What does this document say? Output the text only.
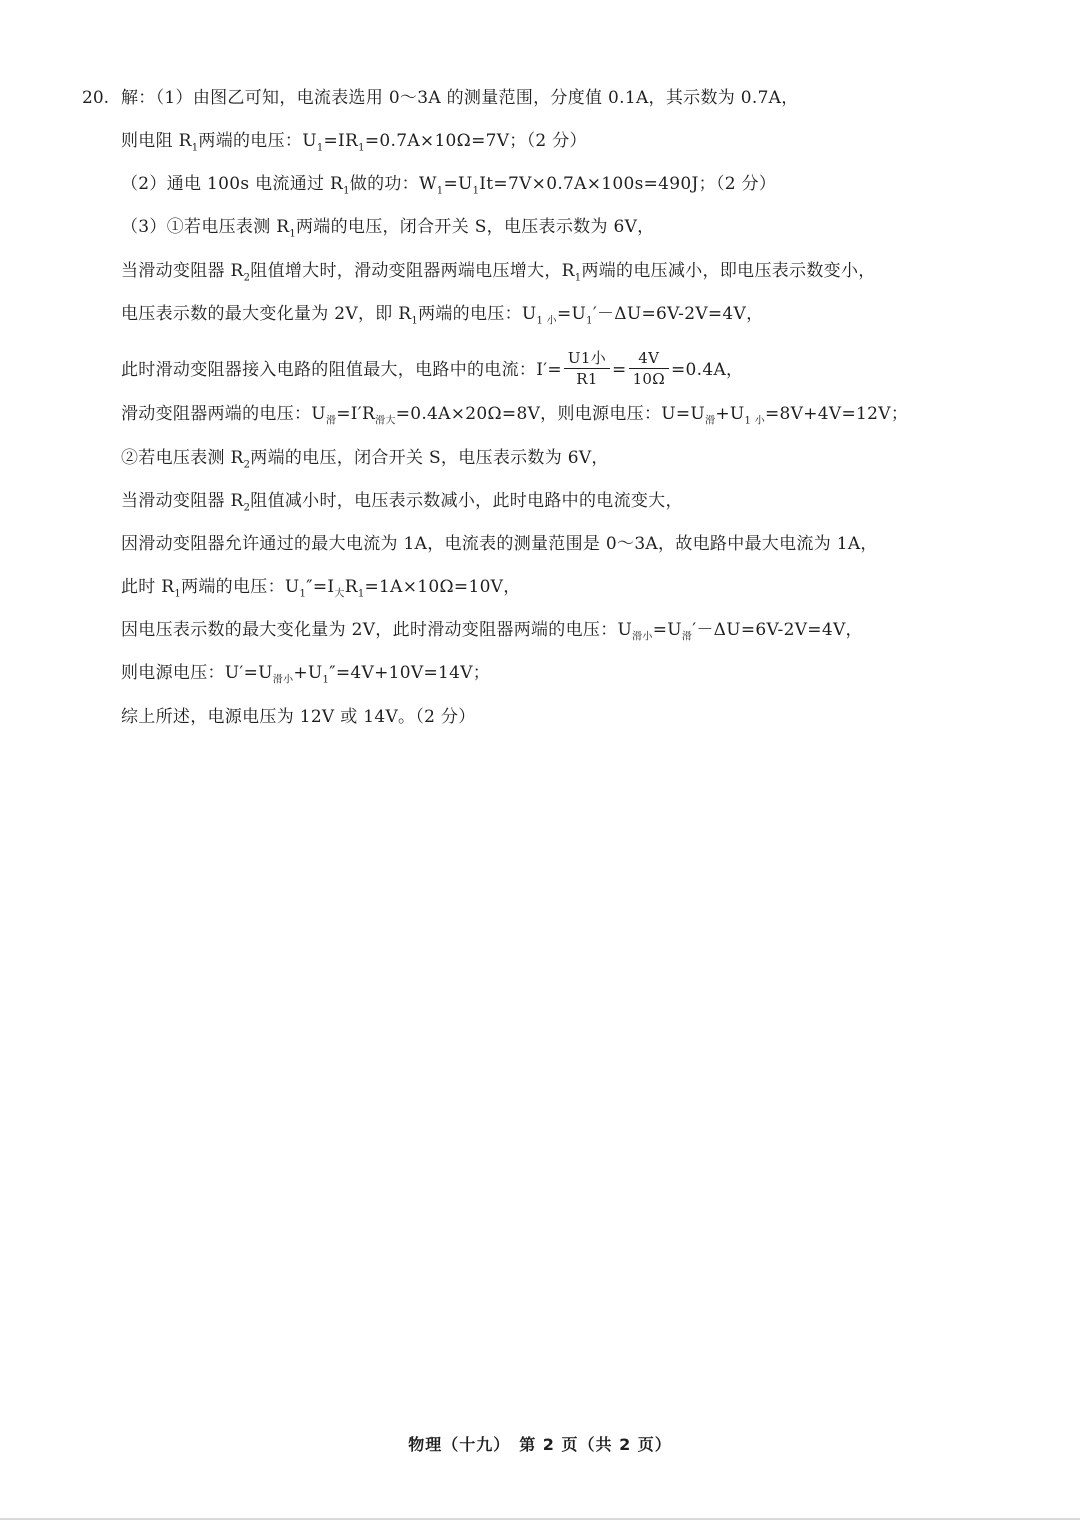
20. 解：（1）由图乙可知，电流表选用 0～3A 的测量范围，分度值 0.1A，其示数为 0.7A，
则电阻 $R_1$两端的电压：$U_1=IR_1=0.7A\times 10\Omega=7V$；（2 分）
（2）通电 100s 电流通过 $R_1$做的功：$W_1=U_1It=7V\times 0.7A\times 100s=490J$；（2 分）
（3）①若电压表测 $R_1$两端的电压，闭合开关 S，电压表示数为 6V，
当滑动变阻器 $R_2$阻值增大时，滑动变阻器两端电压增大，$R_1$两端的电压减小，即电压表示数变小，
电压表示数的最大变化量为 2V，即 $R_1$两端的电压：$U_{1 小}=U_1'-\Delta U=6V-2V=4V$，
此时滑动变阻器接入电路的阻值最大，电路中的电流：$I'= \frac{\text{U1小}}{R1} = \frac{4V}{10\Omega} =0.4A$，
滑动变阻器两端的电压：$U_滑=I'R_{滑大}=0.4A\times 20\Omega=8V$，则电源电压：$U=U_滑+U_{1 小}=8V+4V=12V$；
②若电压表测 $R_2$两端的电压，闭合开关 S，电压表示数为 6V，
当滑动变阻器 $R_2$阻值减小时，电压表示数减小，此时电路中的电流变大，
因滑动变阻器允许通过的最大电流为 1A，电流表的测量范围是 0～3A，故电路中最大电流为 1A，
此时 $R_1$两端的电压：$U_1''=I_大R_1=1A\times 10\Omega=10V$，
因电压表示数的最大变化量为 2V，此时滑动变阻器两端的电压：$U_{滑小}=U_滑'-\Delta U=6V-2V=4V$，
则电源电压：$U'=U_{滑小}+U_1''=4V+10V=14V$；
综上所述，电源电压为 12V 或 14V。（2 分）
物理（十九）　第 2 页（共 2 页）
